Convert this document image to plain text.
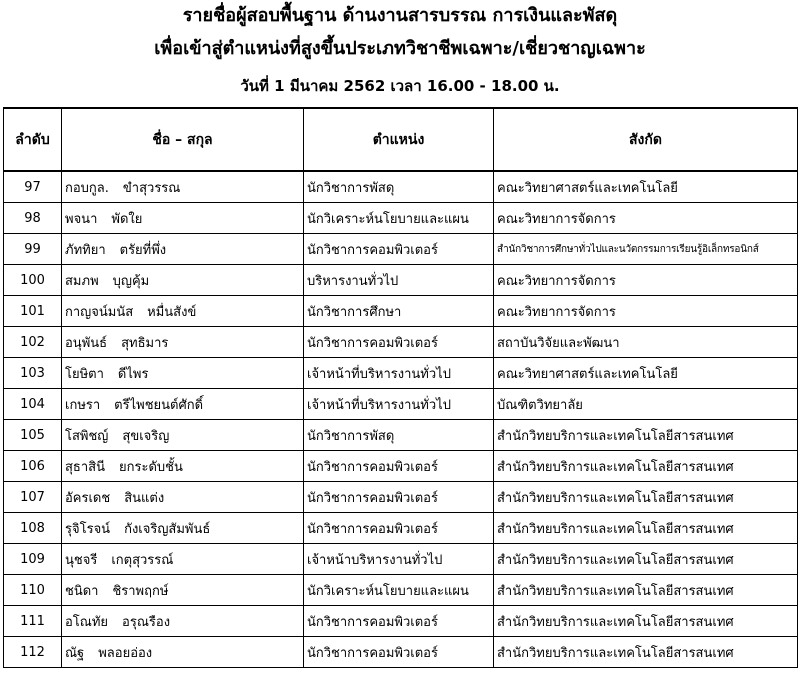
รายชื่อผู้สอบพื้นฐาน ด้านงานสารบรรณ การเงินและพัสดุ
เพื่อเข้าสู่ตำแหน่งที่สูงขึ้นประเภทวิชาชีพเฉพาะ/เชี่ยวชาญเฉพาะ
วันที่ 1 มีนาคม 2562 เวลา 16.00 - 18.00 น.
ลำดับ	ชื่อ – สกุล	ตำแหน่ง	สังกัด
97	กอบกูล. ขำสุวรรณ	นักวิชาการพัสดุ	คณะวิทยาศาสตร์และเทคโนโลยี
98	พจนา พัดใย	นักวิเคราะห์นโยบายและแผน	คณะวิทยาการจัดการ
99	ภัททิยา ตรัยที่พึ่ง	นักวิชาการคอมพิวเตอร์	สำนักวิชาการศึกษาทั่วไปและนวัตกรรมการเรียนรู้อิเล็กทรอนิกส์
100	สมภพ บุญคุ้ม	บริหารงานทั่วไป	คณะวิทยาการจัดการ
101	กาญจน์มนัส หมื่นสังข์	นักวิชาการศึกษา	คณะวิทยาการจัดการ
102	อนุพันธ์ สุทธิมาร	นักวิชาการคอมพิวเตอร์	สถาบันวิจัยและพัฒนา
103	โยษิตา ดีไพร	เจ้าหน้าที่บริหารงานทั่วไป	คณะวิทยาศาสตร์และเทคโนโลยี
104	เกษรา ตรีไพชยนต์ศักดิ์	เจ้าหน้าที่บริหารงานทั่วไป	บัณฑิตวิทยาลัย
105	โสพิชญ์ สุขเจริญ	นักวิชาการพัสดุ	สำนักวิทยบริการและเทคโนโลยีสารสนเทศ
106	สุธาสินี ยกระดับชั้น	นักวิชาการคอมพิวเตอร์	สำนักวิทยบริการและเทคโนโลยีสารสนเทศ
107	อัครเดช สินแต่ง	นักวิชาการคอมพิวเตอร์	สำนักวิทยบริการและเทคโนโลยีสารสนเทศ
108	รุจิโรจน์ กังเจริญสัมพันธ์	นักวิชาการคอมพิวเตอร์	สำนักวิทยบริการและเทคโนโลยีสารสนเทศ
109	นุชจรี เกตุสุวรรณ์	เจ้าหน้าบริหารงานทั่วไป	สำนักวิทยบริการและเทคโนโลยีสารสนเทศ
110	ชนิดา ชิราพฤกษ์	นักวิเคราะห์นโยบายและแผน	สำนักวิทยบริการและเทคโนโลยีสารสนเทศ
111	อโณทัย อรุณรือง	นักวิชาการคอมพิวเตอร์	สำนักวิทยบริการและเทคโนโลยีสารสนเทศ
112	ณัฐ พลอยอ่อง	นักวิชาการคอมพิวเตอร์	สำนักวิทยบริการและเทคโนโลยีสารสนเทศ
